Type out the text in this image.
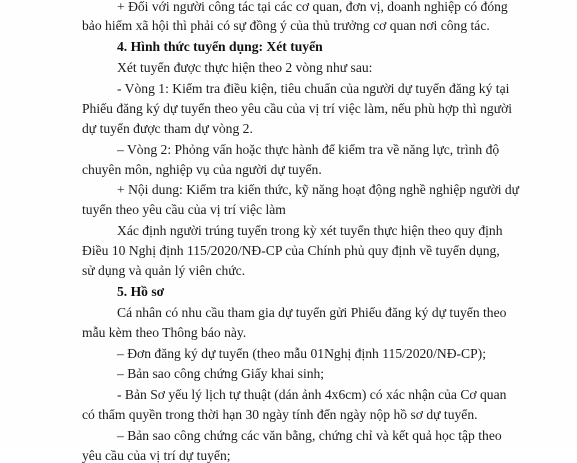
+ Đối với người công tác tại các cơ quan, đơn vị, doanh nghiệp có đóng
bảo hiểm xã hội thì phải có sự đồng ý của thủ trưởng cơ quan nơi công tác.
4. Hình thức tuyển dụng: Xét tuyển
Xét tuyển được thực hiện theo 2 vòng như sau:
- Vòng 1: Kiểm tra điều kiện, tiêu chuẩn của người dự tuyển đăng ký tại
Phiếu đăng ký dự tuyển theo yêu cầu của vị trí việc làm, nếu phù hợp thì người
dự tuyển được tham dự vòng 2.
– Vòng 2: Phỏng vấn hoặc thực hành để kiểm tra về năng lực, trình độ
chuyên môn, nghiệp vụ của người dự tuyển.
+ Nội dung: Kiểm tra kiến thức, kỹ năng hoạt động nghề nghiệp người dự
tuyển theo yêu cầu của vị trí việc làm
Xác định người trúng tuyển trong kỳ xét tuyển thực hiện theo quy định
Điều 10 Nghị định 115/2020/NĐ-CP của Chính phủ quy định về tuyển dụng,
sử dụng và quản lý viên chức.
5. Hồ sơ
Cá nhân có nhu cầu tham gia dự tuyển gửi Phiếu đăng ký dự tuyển theo
mẫu kèm theo Thông báo này.
– Đơn đăng ký dự tuyển (theo mẫu 01Nghị định 115/2020/NĐ-CP);
– Bản sao công chứng Giấy khai sinh;
- Bản Sơ yếu lý lịch tự thuật (dán ảnh 4x6cm) có xác nhận của Cơ quan
có thẩm quyền trong thời hạn 30 ngày tính đến ngày nộp hồ sơ dự tuyển.
– Bản sao công chứng các văn bằng, chứng chỉ và kết quả học tập theo
yêu cầu của vị trí dự tuyển;
